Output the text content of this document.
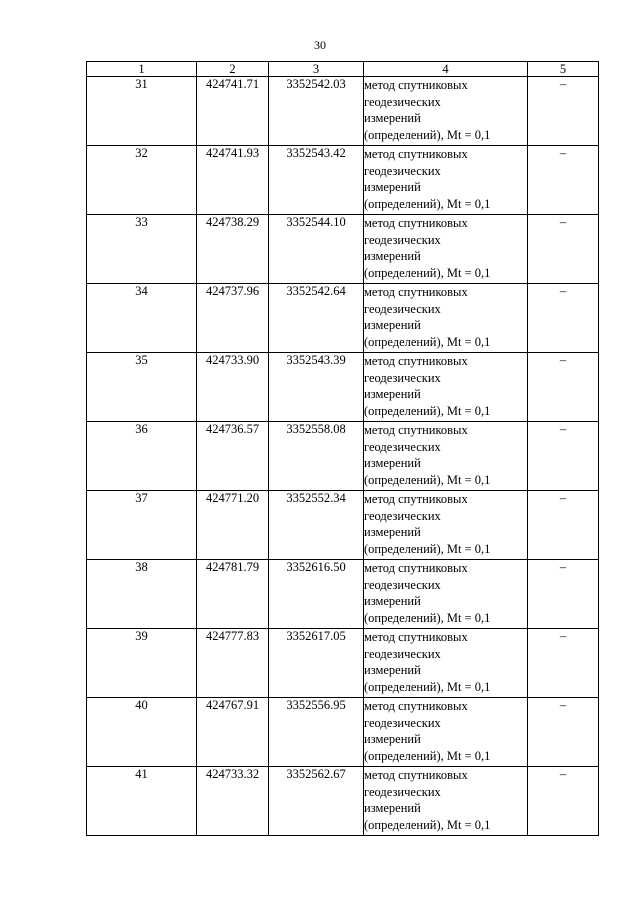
30
1	2	3	4	5
31	424741.71	3352542.03	метод спутниковых
геодезических
измерений
(определений), Mt = 0,1	–
32	424741.93	3352543.42	метод спутниковых
геодезических
измерений
(определений), Mt = 0,1	–
33	424738.29	3352544.10	метод спутниковых
геодезических
измерений
(определений), Mt = 0,1	–
34	424737.96	3352542.64	метод спутниковых
геодезических
измерений
(определений), Mt = 0,1	–
35	424733.90	3352543.39	метод спутниковых
геодезических
измерений
(определений), Mt = 0,1	–
36	424736.57	3352558.08	метод спутниковых
геодезических
измерений
(определений), Mt = 0,1	–
37	424771.20	3352552.34	метод спутниковых
геодезических
измерений
(определений), Mt = 0,1	–
38	424781.79	3352616.50	метод спутниковых
геодезических
измерений
(определений), Mt = 0,1	–
39	424777.83	3352617.05	метод спутниковых
геодезических
измерений
(определений), Mt = 0,1	–
40	424767.91	3352556.95	метод спутниковых
геодезических
измерений
(определений), Mt = 0,1	–
41	424733.32	3352562.67	метод спутниковых
геодезических
измерений
(определений), Mt = 0,1	–
